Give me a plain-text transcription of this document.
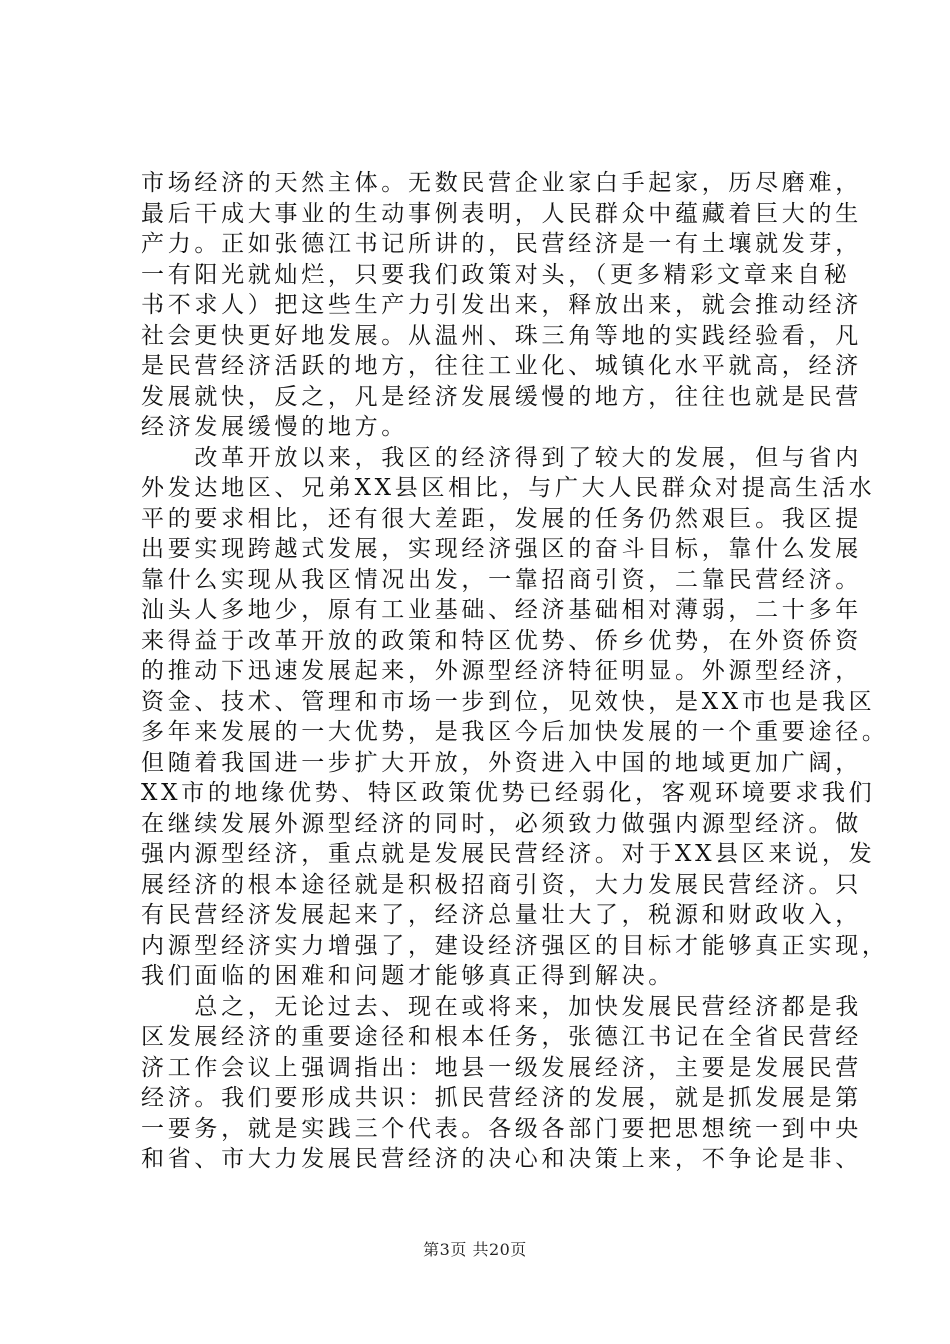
市场经济的天然主体。无数民营企业家白手起家，历尽磨难，
最后干成大事业的生动事例表明，人民群众中蕴藏着巨大的生
产力。正如张德江书记所讲的，民营经济是一有土壤就发芽，
一有阳光就灿烂，只要我们政策对头，（更多精彩文章来自秘
书不求人）把这些生产力引发出来，释放出来，就会推动经济
社会更快更好地发展。从温州、珠三角等地的实践经验看，凡
是民营经济活跃的地方，往往工业化、城镇化水平就高，经济
发展就快，反之，凡是经济发展缓慢的地方，往往也就是民营
经济发展缓慢的地方。

　　改革开放以来，我区的经济得到了较大的发展，但与省内
外发达地区、兄弟XX县区相比，与广大人民群众对提高生活水
平的要求相比，还有很大差距，发展的任务仍然艰巨。我区提
出要实现跨越式发展，实现经济强区的奋斗目标，靠什么发展
靠什么实现从我区情况出发，一靠招商引资，二靠民营经济。
汕头人多地少，原有工业基础、经济基础相对薄弱，二十多年
来得益于改革开放的政策和特区优势、侨乡优势，在外资侨资
的推动下迅速发展起来，外源型经济特征明显。外源型经济，
资金、技术、管理和市场一步到位，见效快，是XX市也是我区
多年来发展的一大优势，是我区今后加快发展的一个重要途径。
但随着我国进一步扩大开放，外资进入中国的地域更加广阔，
XX市的地缘优势、特区政策优势已经弱化，客观环境要求我们
在继续发展外源型经济的同时，必须致力做强内源型经济。做
强内源型经济，重点就是发展民营经济。对于XX县区来说，发
展经济的根本途径就是积极招商引资，大力发展民营经济。只
有民营经济发展起来了，经济总量壮大了，税源和财政收入，
内源型经济实力增强了，建设经济强区的目标才能够真正实现，
我们面临的困难和问题才能够真正得到解决。

　　总之，无论过去、现在或将来，加快发展民营经济都是我
区发展经济的重要途径和根本任务，张德江书记在全省民营经
济工作会议上强调指出：地县一级发展经济，主要是发展民营
经济。我们要形成共识：抓民营经济的发展，就是抓发展是第
一要务，就是实践三个代表。各级各部门要把思想统一到中央
和省、市大力发展民营经济的决心和决策上来，不争论是非、

第3页 共20页
